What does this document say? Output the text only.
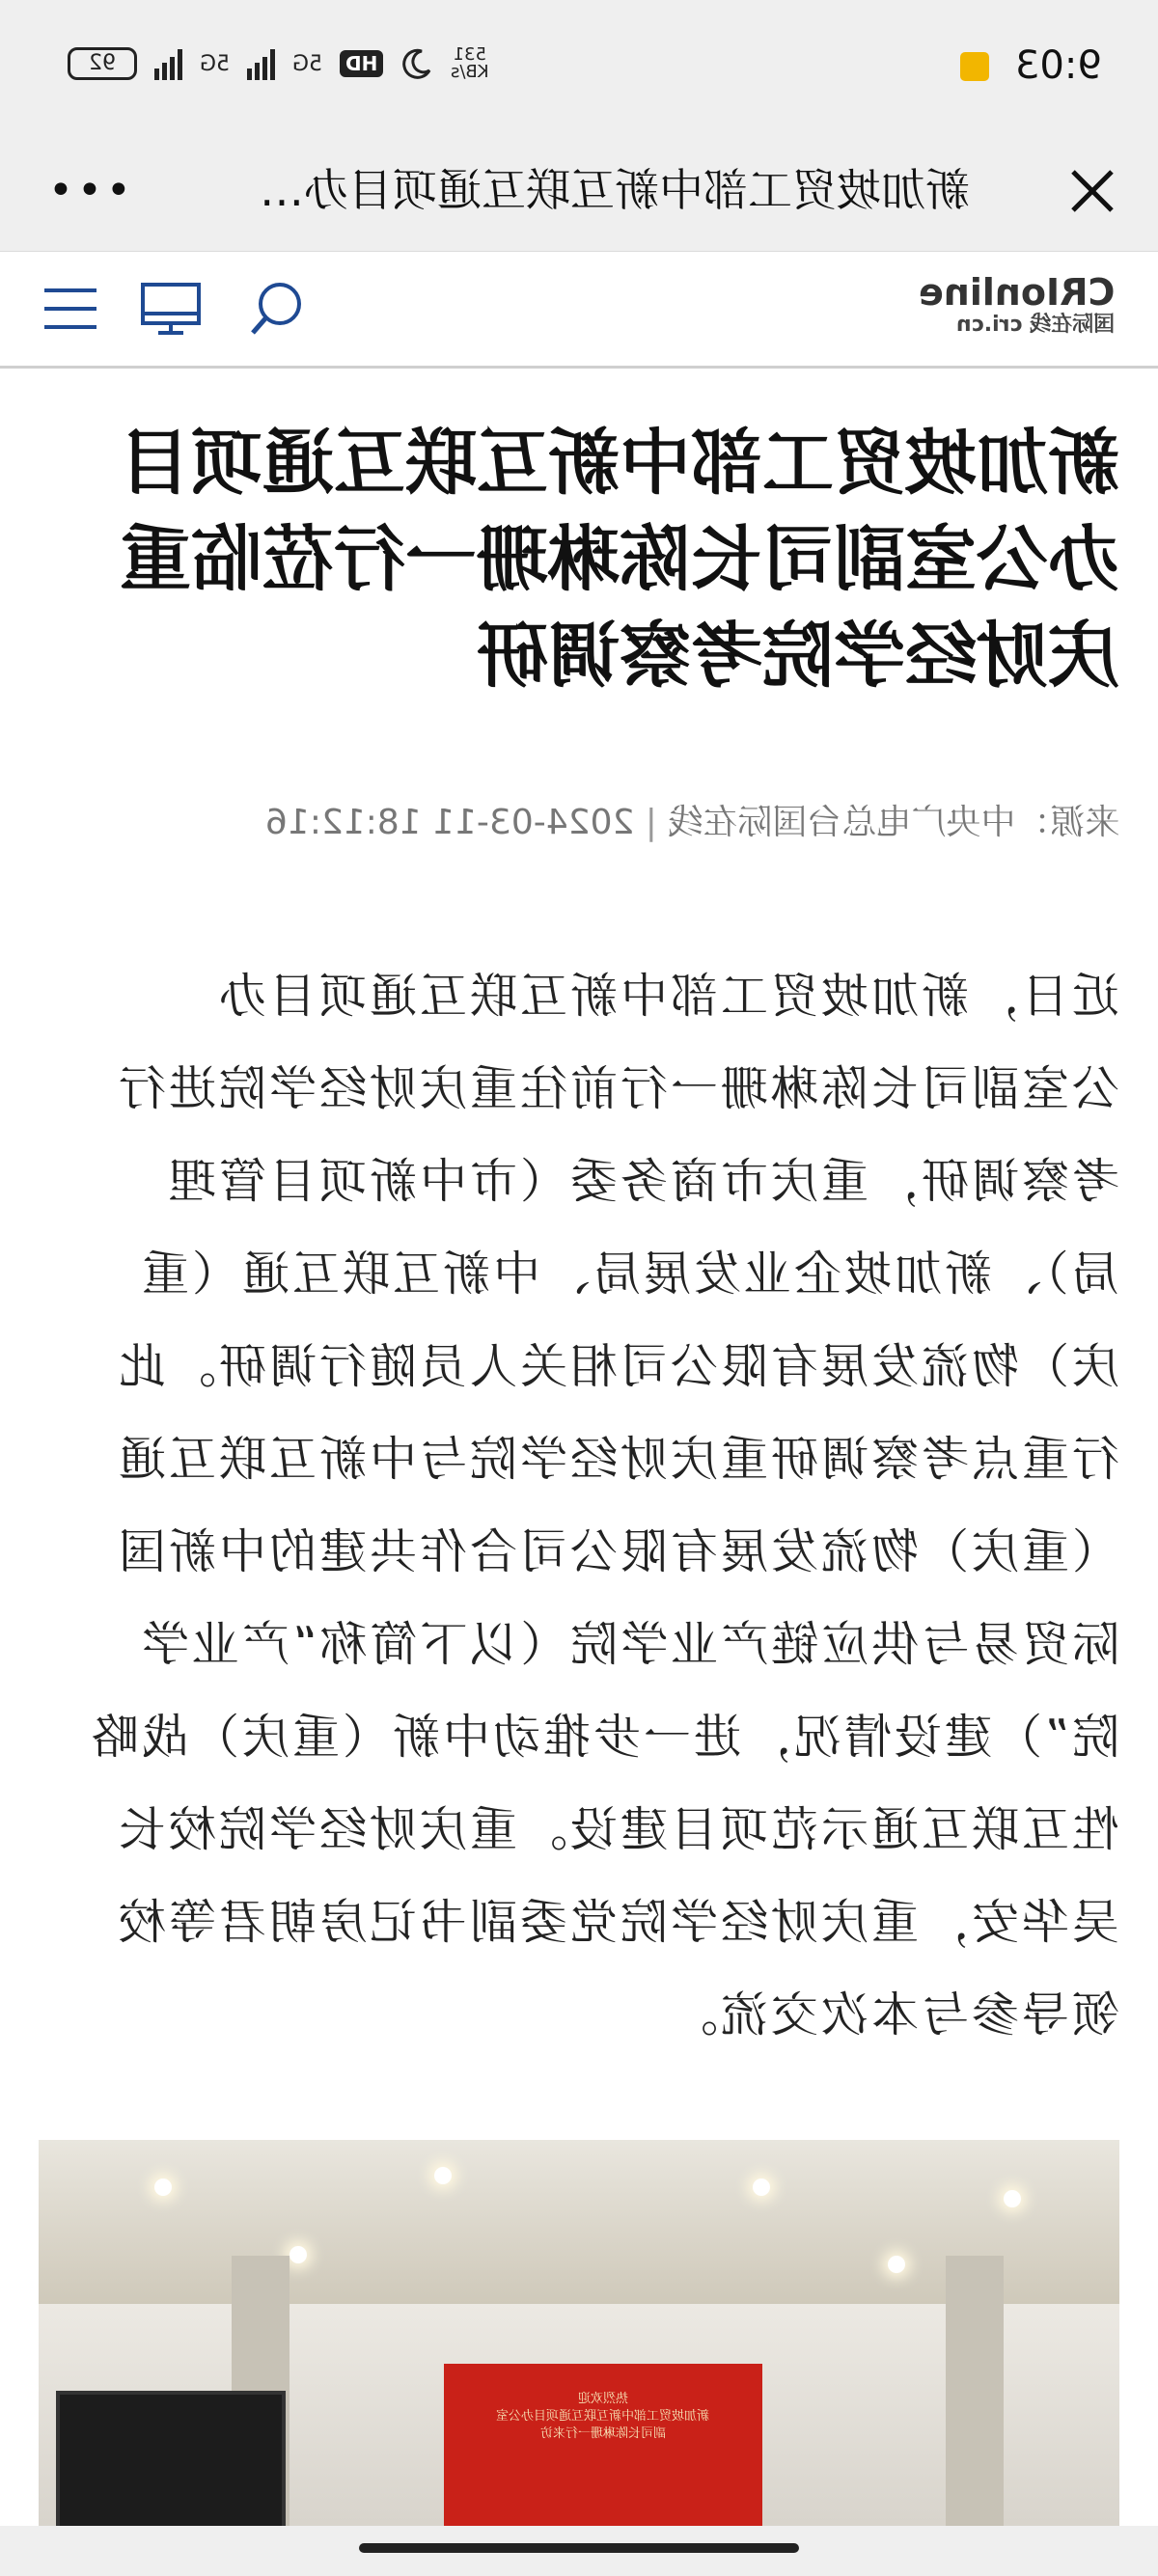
92	5G	5G	HD	531
KB/s	9:03
•••	新加坡贸工部中新互联互通项目办…
CRIonline
国际在线 cri.cn
新加坡贸工部中新互联互通项目
办公室副司长陈琳珊一行莅临重
庆财经学院考察调研
来源：中央广电总台国际在线 | 2024-03-11 18:12:16
近日，新加坡贸工部中新互联互通项目办
公室副司长陈琳珊一行前往重庆财经学院进行
考察调研，重庆市商务委（市中新项目管理
局）、新加坡企业发展局、中新互联互通（重
庆）物流发展有限公司相关人员随行调研。此
行重点考察调研重庆财经学院与中新互联互通
（重庆）物流发展有限公司合作共建的中新国
际贸易与供应链产业学院（以下简称“产业学
院”）建设情况，进一步推动中新（重庆）战略
性互联互通示范项目建设。重庆财经学院校长
吴华安，重庆财经学院党委副书记房朝君等校
领导参与本次交流。
热烈欢迎
新加坡贸工部中新互联互通项目办公室
副司长陈琳珊一行来访
